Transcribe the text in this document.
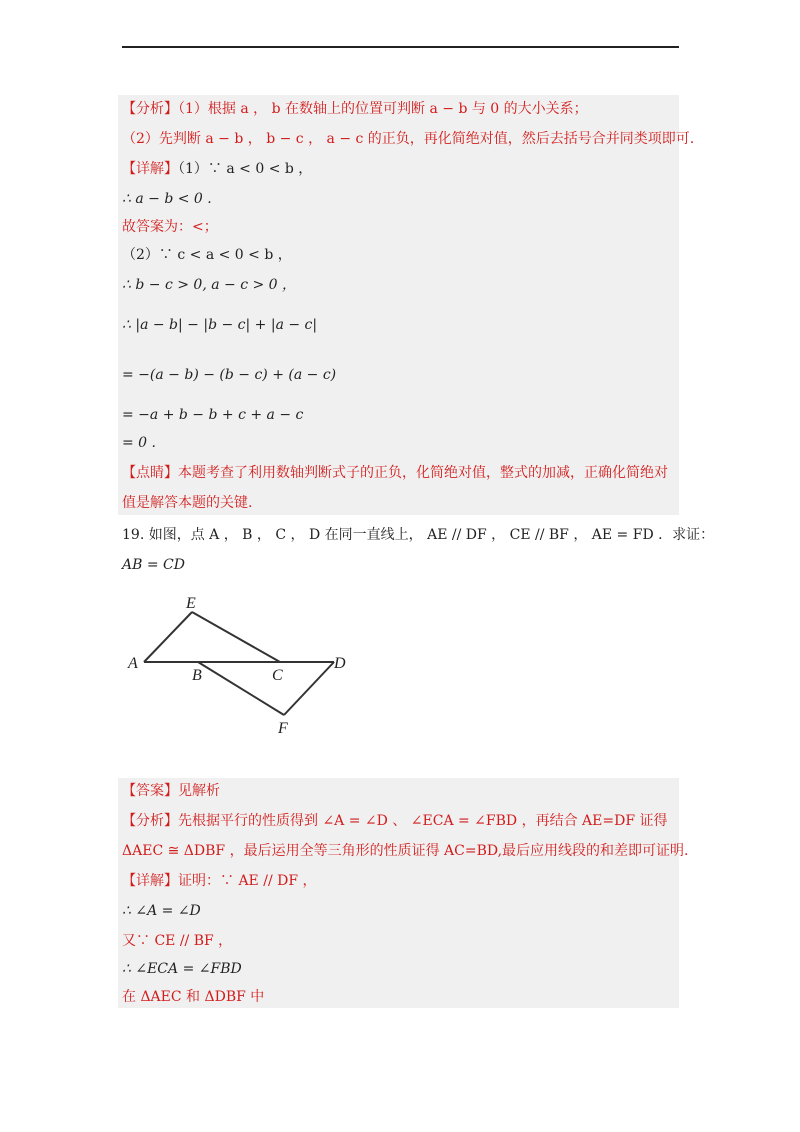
【分析】（1）根据 a ， b 在数轴上的位置可判断 a − b 与 0 的大小关系；
（2）先判断 a − b ， b − c ， a − c 的正负，再化简绝对值，然后去括号合并同类项即可.
【详解】（1）∵ a < 0 < b ，
∴ a − b < 0 .
故答案为：<；
（2）∵ c < a < 0 < b ，
∴ b − c > 0, a − c > 0 ，
∴ |a − b| − |b − c| + |a − c|
= −(a − b) − (b − c) + (a − c)
= −a + b − b + c + a − c
= 0 .
【点睛】本题考查了利用数轴判断式子的正负，化简绝对值，整式的加减，正确化简绝对
值是解答本题的关键.
19. 如图，点 A ， B ， C ， D 在同一直线上， AE // DF ， CE // BF ， AE = FD ．求证：
AB = CD
E
A
B	C
D
F
【答案】见解析
【分析】先根据平行的性质得到 ∠A = ∠D 、 ∠ECA = ∠FBD ，再结合 AE=DF 证得
ΔAEC ≅ ΔDBF ，最后运用全等三角形的性质证得 AC=BD,最后应用线段的和差即可证明.
【详解】证明：∵ AE // DF ，
∴ ∠A = ∠D
又∵ CE // BF ，
∴ ∠ECA = ∠FBD
在 ΔAEC 和 ΔDBF 中
